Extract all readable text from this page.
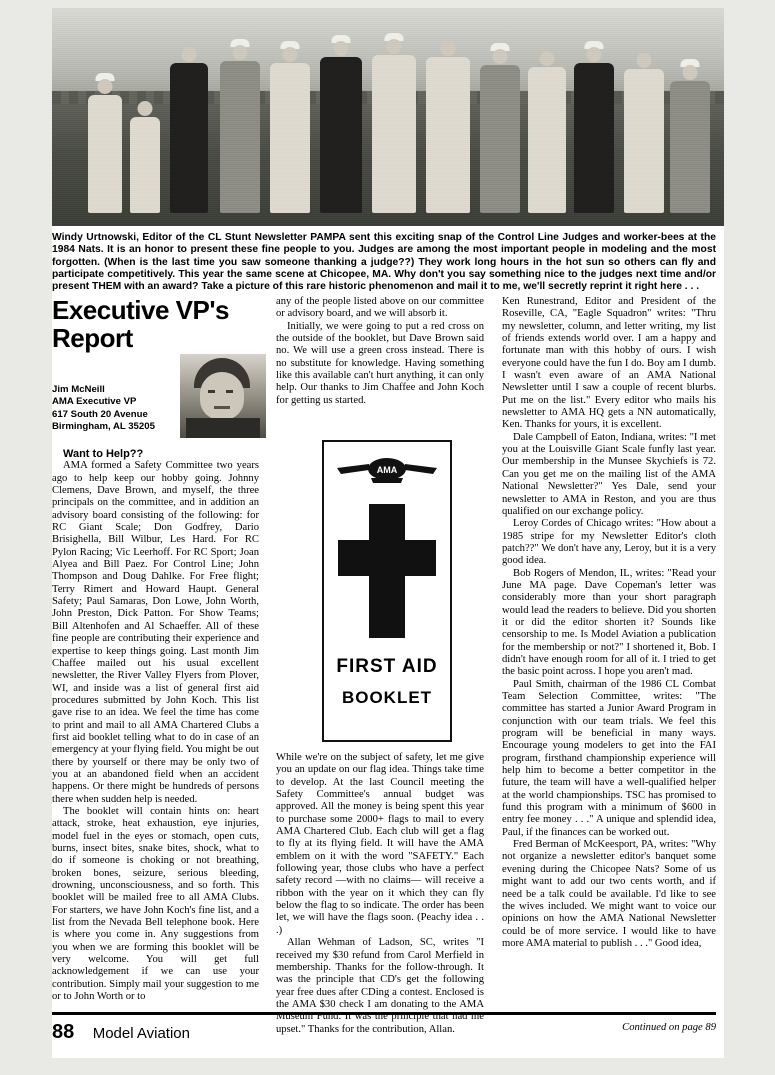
Windy Urtnowski, Editor of the CL Stunt Newsletter PAMPA sent this exciting snap of the Control Line Judges and worker-bees at the 1984 Nats. It is an honor to present these fine people to you. Judges are among the most important people in modeling and the most forgotten. (When is the last time you saw someone thanking a judge??) They work long hours in the hot sun so others can fly and participate competitively. This year the same scene at Chicopee, MA. Why don't you say something nice to the judges next time and/or present THEM with an award? Take a picture of this rare historic phenomenon and mail it to me, we'll secretly reprint it right here . . .
Executive VP's Report
Jim McNeill
AMA Executive VP
617 South 20 Avenue
Birmingham, AL 35205

Want to Help??

AMA formed a Safety Committee two years ago to help keep our hobby going. Johnny Clemens, Dave Brown, and myself, the three principals on the committee, and in addition an advisory board consisting of the following: for RC Giant Scale; Don Godfrey, Dario Brisighella, Bill Wilbur, Les Hard. For RC Pylon Racing; Vic Leerhoff. For RC Sport; Joan Alyea and Bill Paez. For Control Line; John Thompson and Doug Dahlke. For Free flight; Terry Rimert and Howard Haupt. General Safety; Paul Samaras, Don Lowe, John Worth, John Preston, Dick Patton. For Show Teams; Bill Altenhofen and Al Schaeffer. All of these fine people are contributing their experience and expertise to keep things going. Last month Jim Chaffee mailed out his usual excellent newsletter, the River Valley Flyers from Plover, WI, and inside was a list of general first aid procedures submitted by John Koch. This list gave rise to an idea. We feel the time has come to print and mail to all AMA Chartered Clubs a first aid booklet telling what to do in case of an emergency at your flying field. You might be out there by yourself or there may be only two of you at an abandoned field when an accident happens. Or there might be hundreds of persons there when sudden help is needed.

The booklet will contain hints on: heart attack, stroke, heat exhaustion, eye injuries, model fuel in the eyes or stomach, open cuts, burns, insect bites, snake bites, shock, what to do if someone is choking or not breathing, broken bones, seizure, serious bleeding, drowning, unconsciousness, and so forth. This booklet will be mailed free to all AMA Clubs. For starters, we have John Koch's fine list, and a list from the Nevada Bell telephone book. Here is where you come in. Any suggestions from you when we are forming this booklet will be very welcome. You will get full acknowledgement if we can use your contribution. Simply mail your suggestion to me or to John Worth or to

any of the people listed above on our committee or advisory board, and we will absorb it.

Initially, we were going to put a red cross on the outside of the booklet, but Dave Brown said no. We will use a green cross instead. There is no substitute for knowledge. Having something like this available can't hurt anything, it can only help. Our thanks to Jim Chaffee and John Koch for getting us started.

AMA
FIRST AID
BOOKLET

While we're on the subject of safety, let me give you an update on our flag idea. Things take time to develop. At the last Council meeting the Safety Committee's annual budget was approved. All the money is being spent this year to purchase some 2000+ flags to mail to every AMA Chartered Club. Each club will get a flag to fly at its flying field. It will have the AMA emblem on it with the word "SAFETY." Each following year, those clubs who have a perfect safety record —with no claims— will receive a ribbon with the year on it which they can fly below the flag to so indicate. The order has been let, we will have the flags soon. (Peachy idea . . .)

Allan Wehman of Ladson, SC, writes "I received my $30 refund from Carol Merfield in membership. Thanks for the follow-through. It was the principle that CD's get the following year free dues after CDing a contest. Enclosed is the AMA $30 check I am donating to the AMA Museum Fund. It was the principle that had me upset." Thanks for the contribution, Allan.

Ken Runestrand, Editor and President of the Roseville, CA, "Eagle Squadron" writes: "Thru my newsletter, column, and letter writing, my list of friends extends world over. I am a happy and fortunate man with this hobby of ours. I wish everyone could have the fun I do. Boy am I dumb. I wasn't even aware of an AMA National Newsletter until I saw a couple of recent blurbs. Put me on the list." Every editor who mails his newsletter to AMA HQ gets a NN automatically, Ken. Thanks for yours, it is excellent.

Dale Campbell of Eaton, Indiana, writes: "I met you at the Louisville Giant Scale funfly last year. Our membership in the Munsee Skychiefs is 72. Can you get me on the mailing list of the AMA National Newsletter?" Yes Dale, send your newsletter to AMA in Reston, and you are thus qualified on our exchange policy.

Leroy Cordes of Chicago writes: "How about a 1985 stripe for my Newsletter Editor's cloth patch??" We don't have any, Leroy, but it is a very good idea.

Bob Rogers of Mendon, IL, writes: "Read your June MA page. Dave Copeman's letter was considerably more than your short paragraph would lead the readers to believe. Did you shorten it or did the editor shorten it? Sounds like censorship to me. Is Model Aviation a publication for the membership or not?" I shortened it, Bob. I didn't have enough room for all of it. I tried to get the basic point across. I hope you aren't mad.

Paul Smith, chairman of the 1986 CL Combat Team Selection Committee, writes: "The committee has started a Junior Award Program in conjunction with our team trials. We feel this program will be beneficial in many ways. Encourage young modelers to get into the FAI program, firsthand championship experience will help him to become a better competitor in the future, the team will have a well-qualified helper at the world championships. TSC has promised to fund this program with a minimum of $600 in entry fee money . . ." A unique and splendid idea, Paul, if the finances can be worked out.

Fred Berman of McKeesport, PA, writes: "Why not organize a newsletter editor's banquet some evening during the Chicopee Nats? Some of us might want to add our two cents worth, and if need be a talk could be available. I'd like to see the wives included. We might want to voice our opinions on how the AMA National Newsletter could be of more service. I would like to have more AMA material to publish . . ." Good idea,

88 Model Aviation	Continued on page 89
